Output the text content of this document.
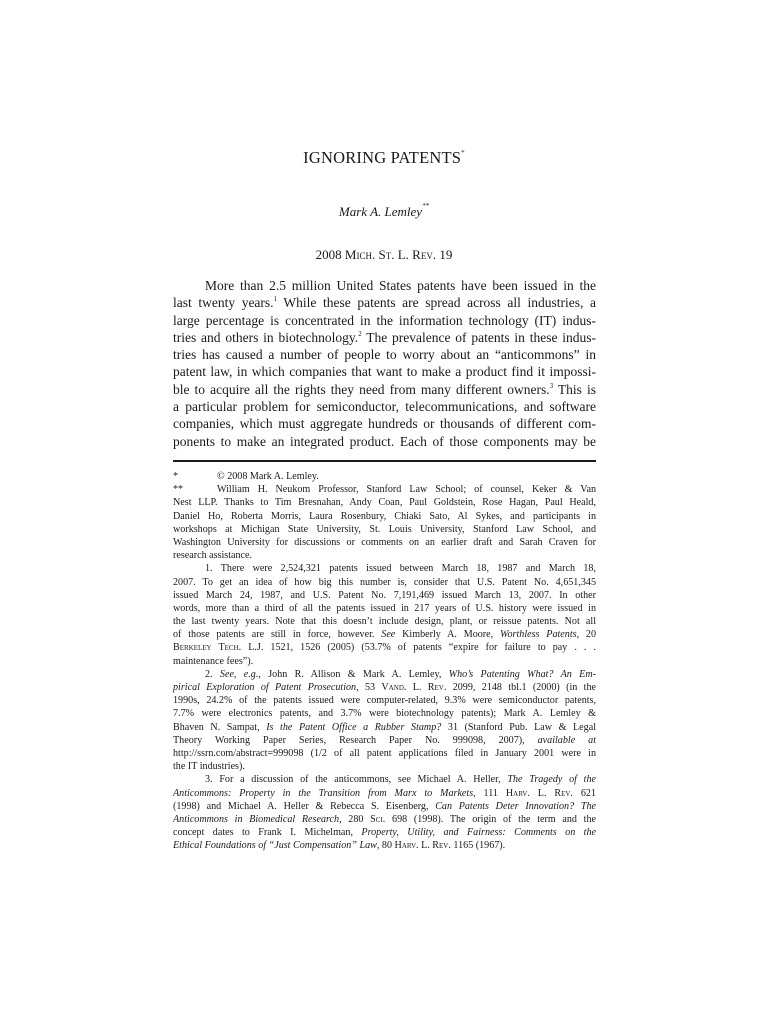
IGNORING PATENTS*
Mark A. Lemley**
2008 Mich. St. L. Rev. 19
More than 2.5 million United States patents have been issued in the
last twenty years.$^1$ While these patents are spread across all industries, a
large percentage is concentrated in the information technology (IT) indus-
tries and others in biotechnology.$^2$ The prevalence of patents in these indus-
tries has caused a number of people to worry about an “anticommons” in
patent law, in which companies that want to make a product find it impossi-
ble to acquire all the rights they need from many different owners.$^3$ This is
a particular problem for semiconductor, telecommunications, and software
companies, which must aggregate hundreds or thousands of different com-
ponents to make an integrated product. Each of those components may be
*	© 2008 Mark A. Lemley.
**	William H. Neukom Professor, Stanford Law School; of counsel, Keker & Van
Nest LLP. Thanks to Tim Bresnahan, Andy Coan, Paul Goldstein, Rose Hagan, Paul Heald,
Daniel Ho, Roberta Morris, Laura Rosenbury, Chiaki Sato, Al Sykes, and participants in
workshops at Michigan State University, St. Louis University, Stanford Law School, and
Washington University for discussions or comments on an earlier draft and Sarah Craven for
research assistance.
1. There were 2,524,321 patents issued between March 18, 1987 and March 18,
2007. To get an idea of how big this number is, consider that U.S. Patent No. 4,651,345
issued March 24, 1987, and U.S. Patent No. 7,191,469 issued March 13, 2007. In other
words, more than a third of all the patents issued in 217 years of U.S. history were issued in
the last twenty years. Note that this doesn’t include design, plant, or reissue patents. Not all
of those patents are still in force, however. See Kimberly A. Moore, Worthless Patents, 20
Berkeley Tech. L.J. 1521, 1526 (2005) (53.7% of patents “expire for failure to pay . . .
maintenance fees”).
2. See, e.g., John R. Allison & Mark A. Lemley, Who’s Patenting What? An Em-
pirical Exploration of Patent Prosecution, 53 Vand. L. Rev. 2099, 2148 tbl.1 (2000) (in the
1990s, 24.2% of the patents issued were computer-related, 9.3% were semiconductor patents,
7.7% were electronics patents, and 3.7% were biotechnology patents); Mark A. Lemley &
Bhaven N. Sampat, Is the Patent Office a Rubber Stamp? 31 (Stanford Pub. Law & Legal
Theory Working Paper Series, Research Paper No. 999098, 2007), available at
http://ssrn.com/abstract=999098 (1/2 of all patent applications filed in January 2001 were in
the IT industries).
3. For a discussion of the anticommons, see Michael A. Heller, The Tragedy of the
Anticommons: Property in the Transition from Marx to Markets, 111 Harv. L. Rev. 621
(1998) and Michael A. Heller & Rebecca S. Eisenberg, Can Patents Deter Innovation? The
Anticommons in Biomedical Research, 280 Sci. 698 (1998). The origin of the term and the
concept dates to Frank I. Michelman, Property, Utility, and Fairness: Comments on the
Ethical Foundations of “Just Compensation” Law, 80 Harv. L. Rev. 1165 (1967).
